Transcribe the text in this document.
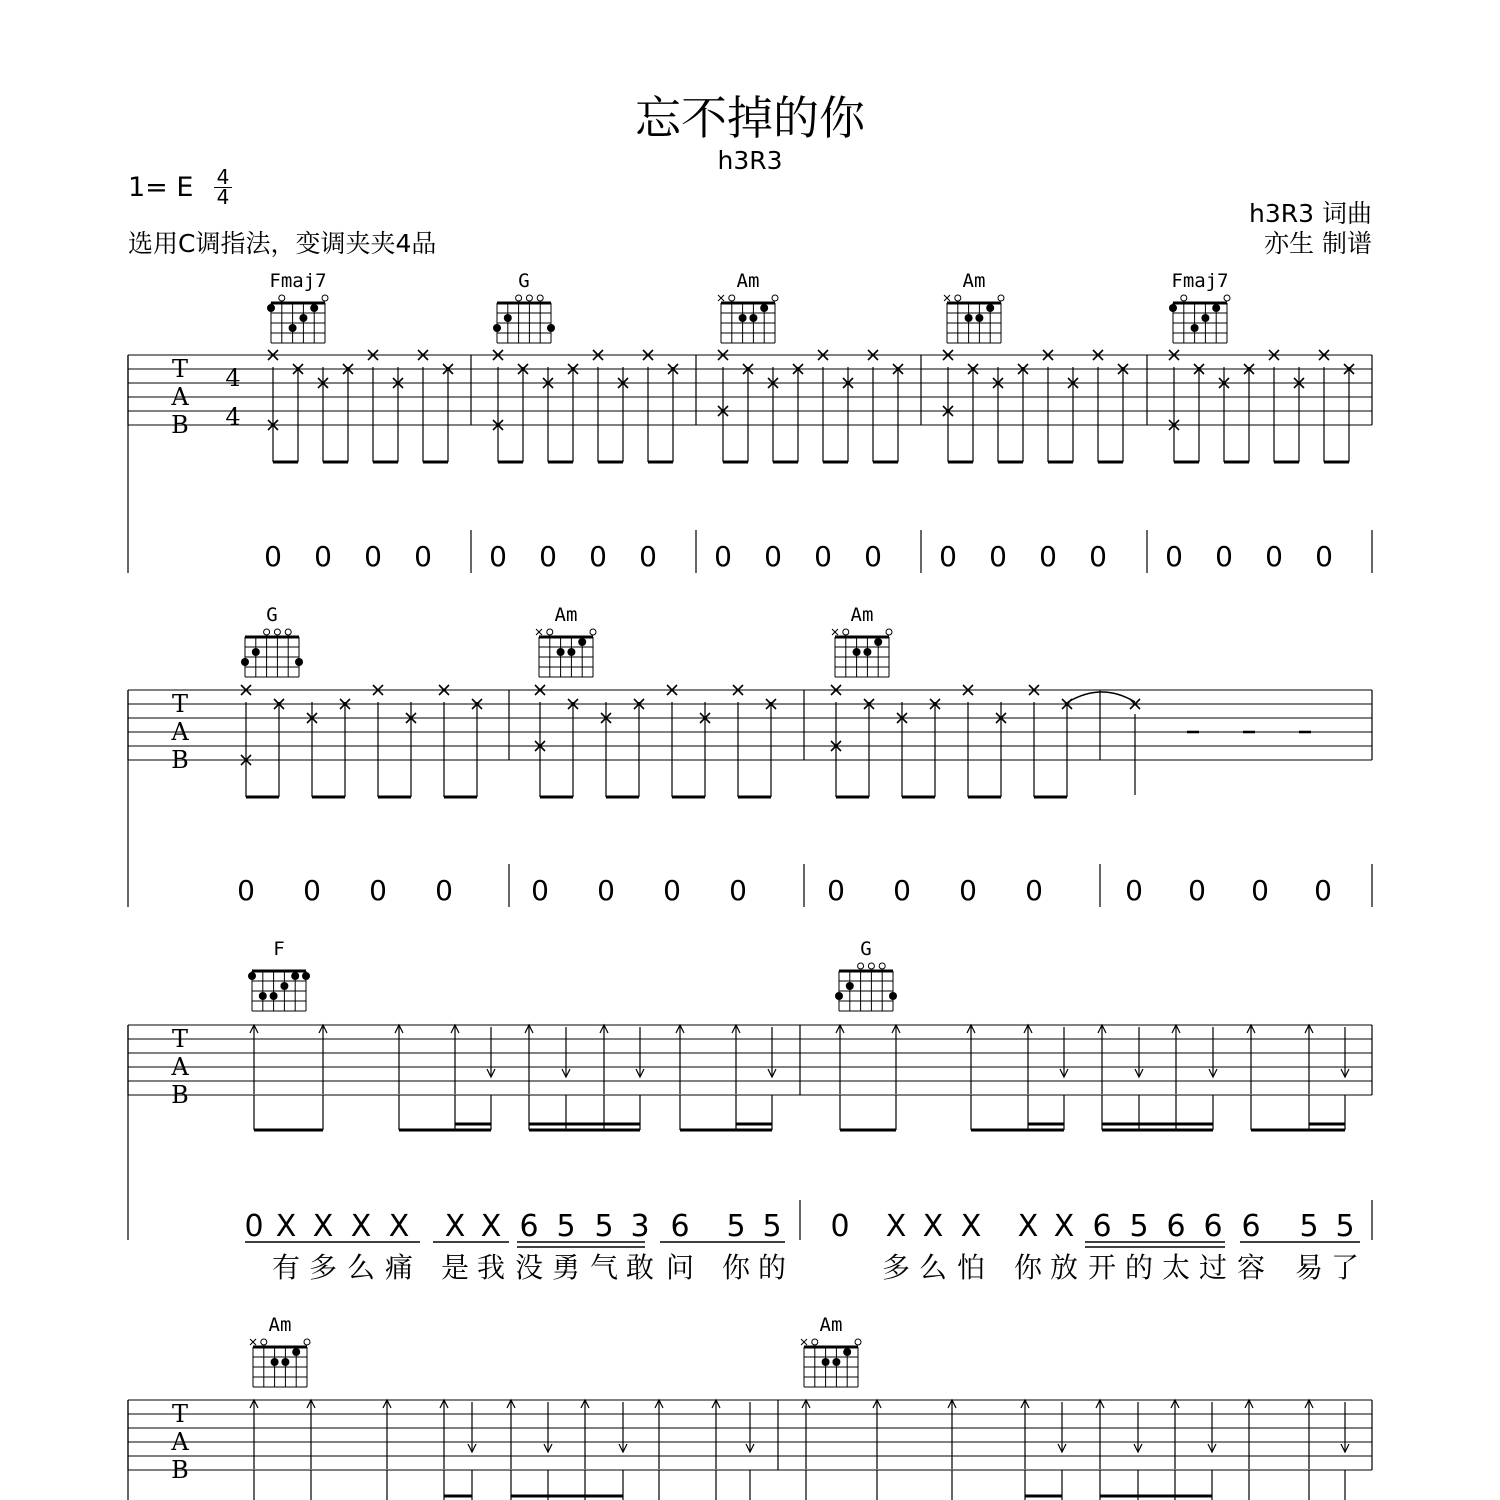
忘不掉的你
h3R3
1= E 4
4
选用C调指法，变调夹夹4品
h3R3 词曲
亦生 制谱
T
A
B
4
4
Fmaj7	G	Am	Am	Fmaj7
0 0 0 0 0 0 0 0 0 0 0 0 0 0 0 0 0 0 0 0
T
A
B
G	Am	Am
0 0 0 0	0 0 0 0	0 0 0 0	0 0 0 0
T
A
B
F	G
0 X X X X X X 6 5 5 3 6 5 5 0 X X X X X 6 5 6 6 6 5 5
有 多 么 痛 是 我 没 勇 气 敢 问 你 的	多 么 怕 你 放 开 的 太 过 容 易 了
T
A
B
Am	Am
